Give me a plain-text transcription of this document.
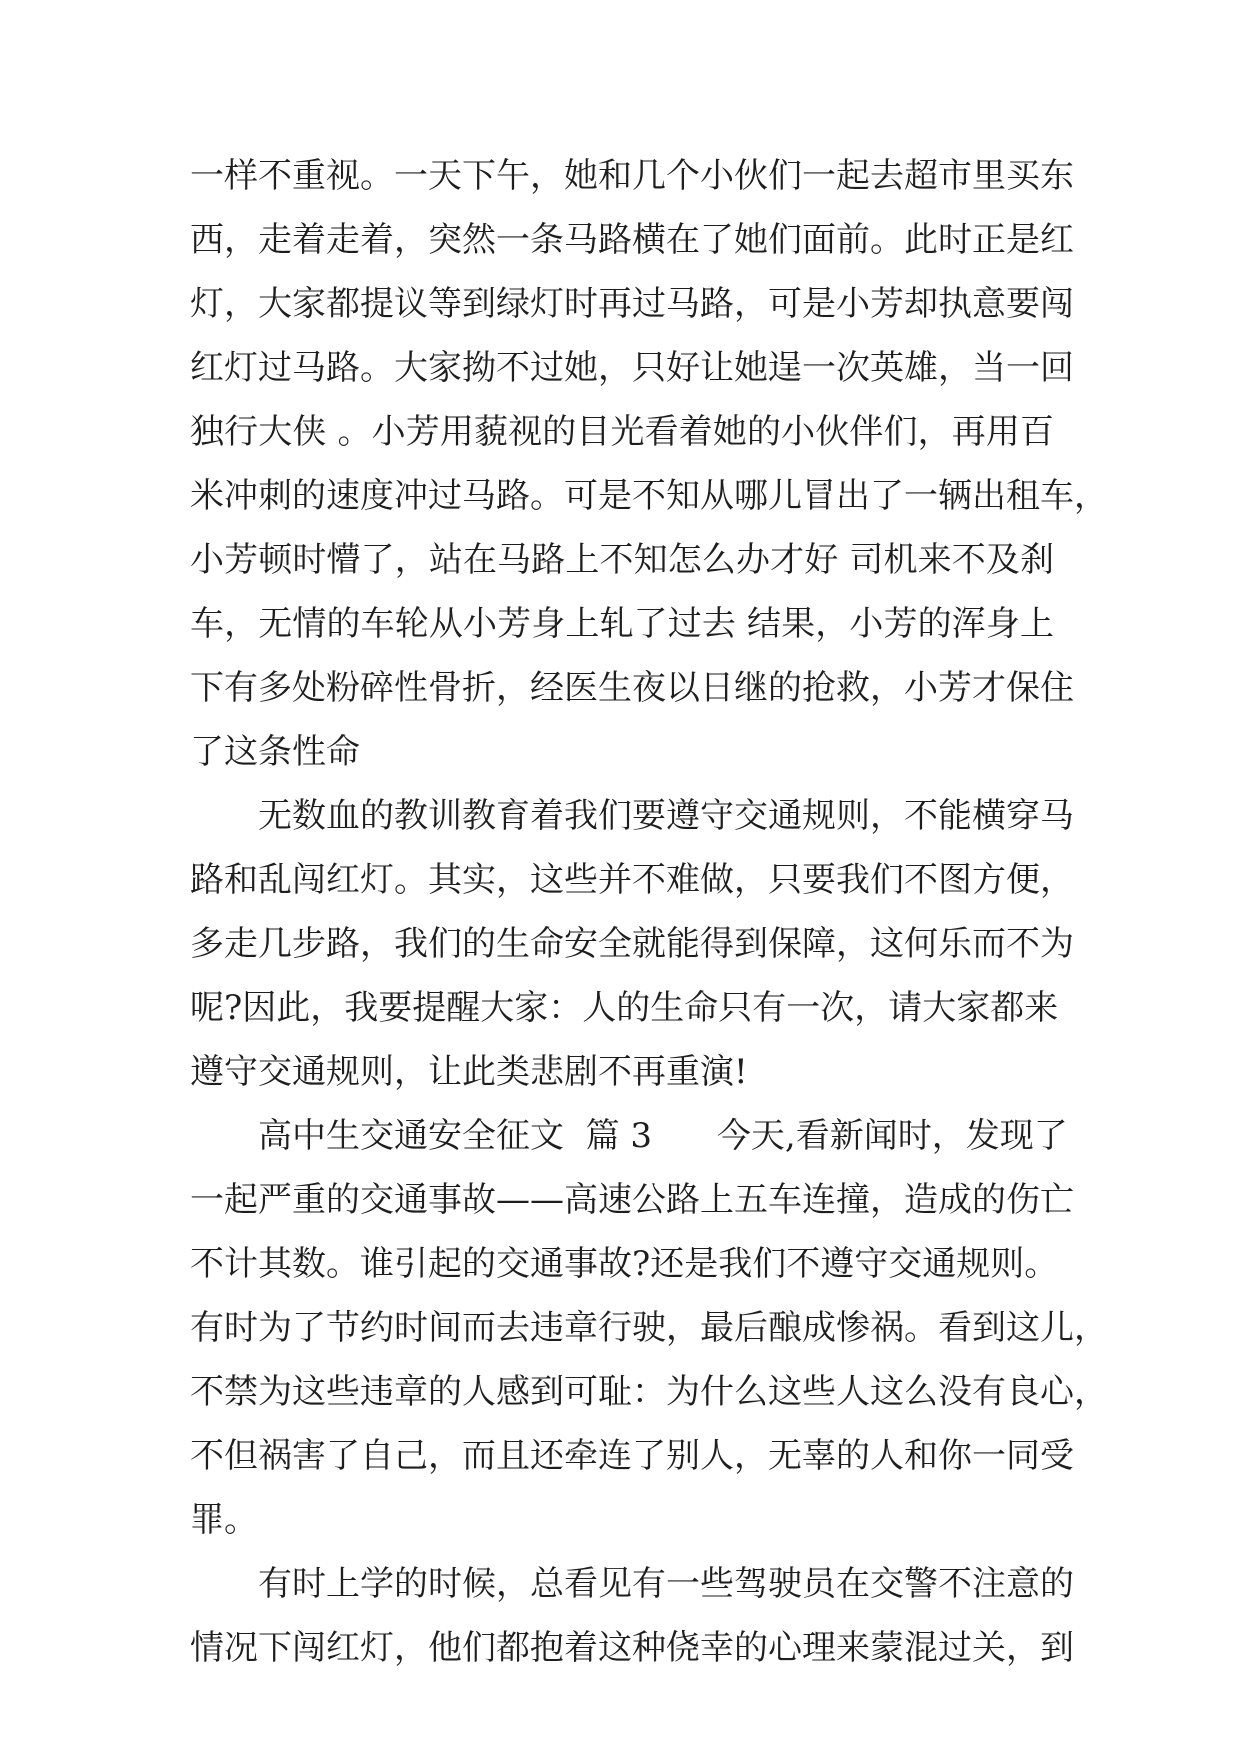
一样不重视。一天下午，她和几个小伙们一起去超市里买东
西，走着走着，突然一条马路横在了她们面前。此时正是红
灯，大家都提议等到绿灯时再过马路，可是小芳却执意要闯
红灯过马路。大家拗不过她，只好让她逞一次英雄，当一回
独行大侠 。小芳用藐视的目光看着她的小伙伴们，再用百
米冲刺的速度冲过马路。可是不知从哪儿冒出了一辆出租车，
小芳顿时懵了，站在马路上不知怎么办才好 司机来不及刹
车，无情的车轮从小芳身上轧了过去 结果，小芳的浑身上
下有多处粉碎性骨折，经医生夜以日继的抢救，小芳才保住
了这条性命
无数血的教训教育着我们要遵守交通规则，不能横穿马
路和乱闯红灯。其实，这些并不难做，只要我们不图方便，
多走几步路，我们的生命安全就能得到保障，这何乐而不为
呢?因此，我要提醒大家：人的生命只有一次，请大家都来
遵守交通规则，让此类悲剧不再重演!
高中生交通安全征文  篇 3      今天,看新闻时，发现了
一起严重的交通事故——高速公路上五车连撞，造成的伤亡
不计其数。谁引起的交通事故?还是我们不遵守交通规则。
有时为了节约时间而去违章行驶，最后酿成惨祸。看到这儿，
不禁为这些违章的人感到可耻：为什么这些人这么没有良心，
不但祸害了自己，而且还牵连了别人，无辜的人和你一同受
罪。
有时上学的时候，总看见有一些驾驶员在交警不注意的
情况下闯红灯，他们都抱着这种侥幸的心理来蒙混过关，到
